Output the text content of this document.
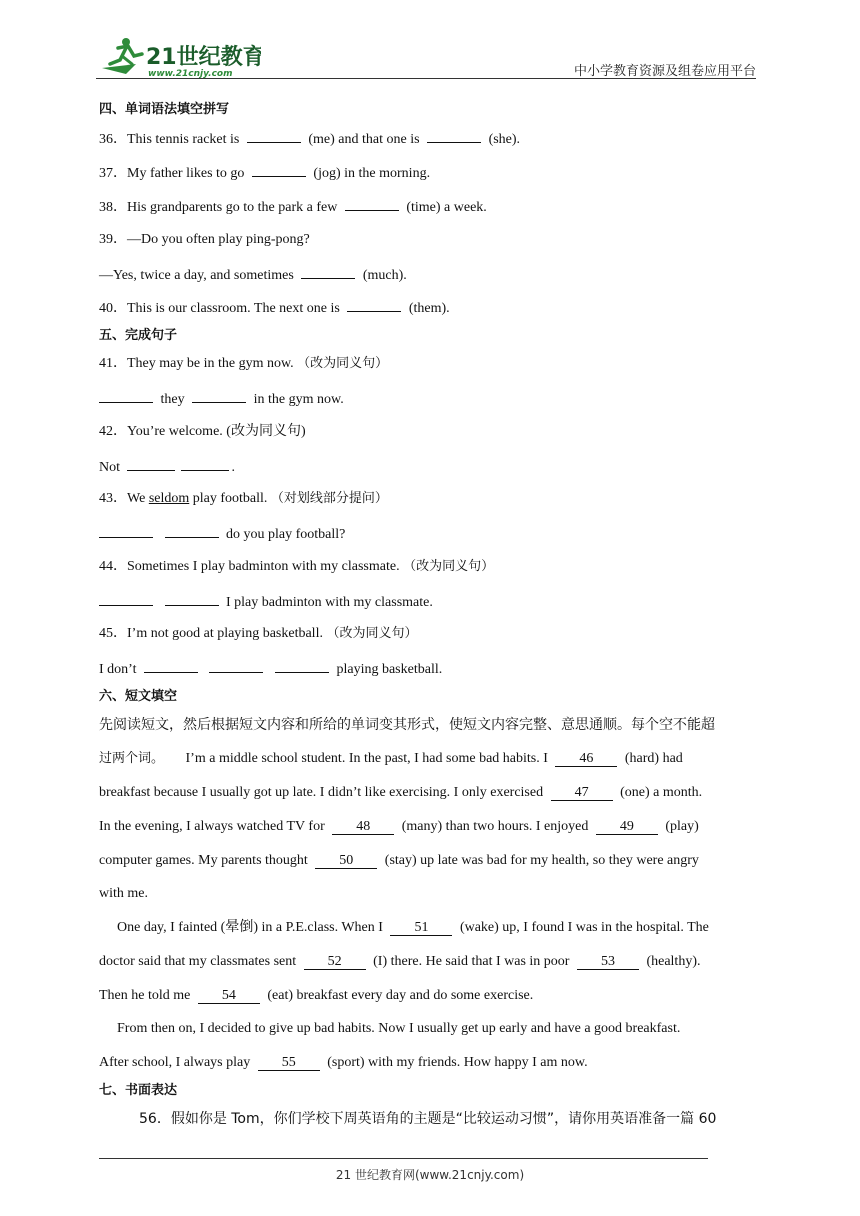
21世纪教育
www.21cnjy.com	中小学教育资源及组卷应用平台
四、单词语法填空拼写
36．This tennis racket is	(me) and that one is	(she).
37．My father likes to go	(jog) in the morning.
38．His grandparents go to the park a few	(time) a week.
39．—Do you often play ping-pong?
—Yes, twice a day, and sometimes	(much).
40．This is our classroom. The next one is	(them).
五、完成句子
41．They may be in the gym now. （改为同义句）
they	in the gym now.
42．You’re welcome. (改为同义句)
Not	.
43．We seldom play football. （对划线部分提问）
do you play football?
44．Sometimes I play badminton with my classmate. （改为同义句）
I play badminton with my classmate.
45．I’m not good at playing basketball. （改为同义句）
I don’t	playing basketball.
六、短文填空
先阅读短文，然后根据短文内容和所给的单词变其形式，使短文内容完整、意思通顺。每个空不能超
过两个词。 I’m a middle school student. In the past, I had some bad habits. I 46 (hard) had
breakfast because I usually got up late. I didn’t like exercising. I only exercised 47 (one) a month.
In the evening, I always watched TV for 48 (many) than two hours. I enjoyed 49 (play)
computer games. My parents thought 50 (stay) up late was bad for my health, so they were angry
with me.
One day, I fainted (晕倒) in a P.E.class. When I 51 (wake) up, I found I was in the hospital. The
doctor said that my classmates sent 52 (I) there. He said that I was in poor 53 (healthy).
Then he told me 54 (eat) breakfast every day and do some exercise.
From then on, I decided to give up bad habits. Now I usually get up early and have a good breakfast.
After school, I always play 55 (sport) with my friends. How happy I am now.
七、书面表达
56．假如你是 Tom，你们学校下周英语角的主题是“比较运动习惯”，请你用英语准备一篇 60
21 世纪教育网(www.21cnjy.com)
